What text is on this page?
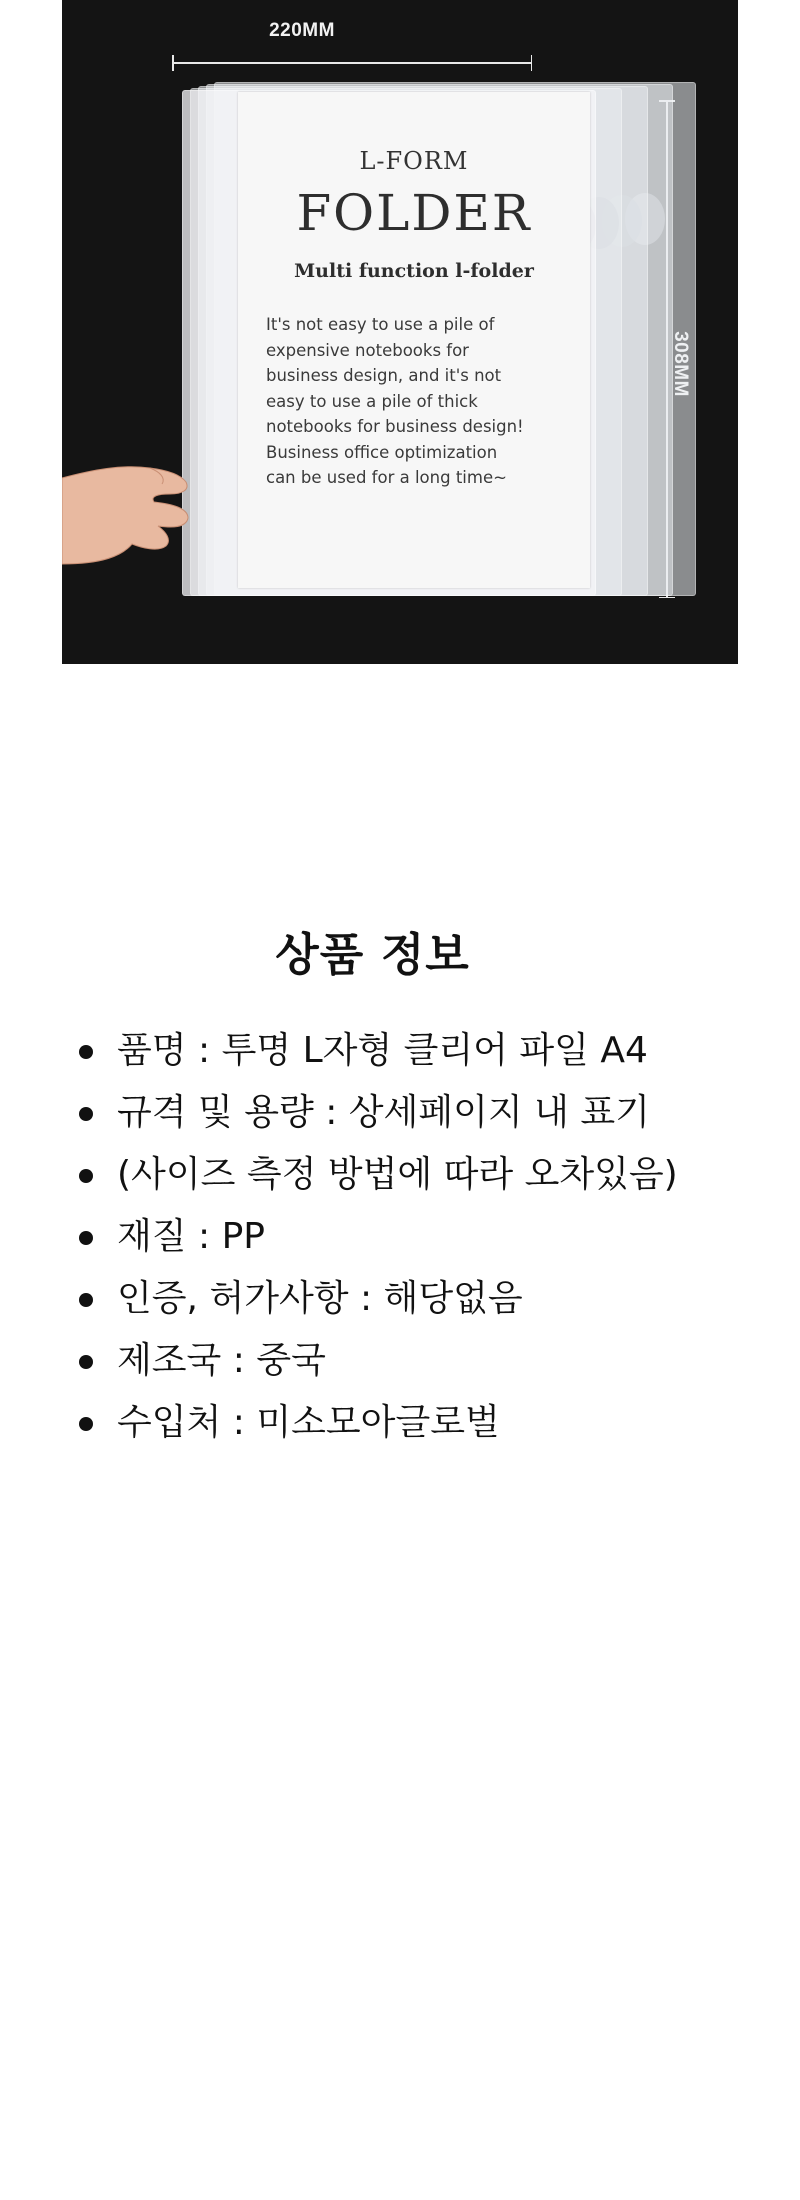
220MM
L-FORM
FOLDER
Multi function l-folder
It's not easy to use a pile of
expensive notebooks for
business design, and it's not
easy to use a pile of thick
notebooks for business design!
Business office optimization
can be used for a long time~
상품 정보
품명 : 투명 L자형 클리어 파일 A4
규격 및 용량 : 상세페이지 내 표기
(사이즈 측정 방법에 따라 오차있음)
재질 : PP
인증, 허가사항 : 해당없음
제조국 : 중국
수입처 : 미소모아글로벌
